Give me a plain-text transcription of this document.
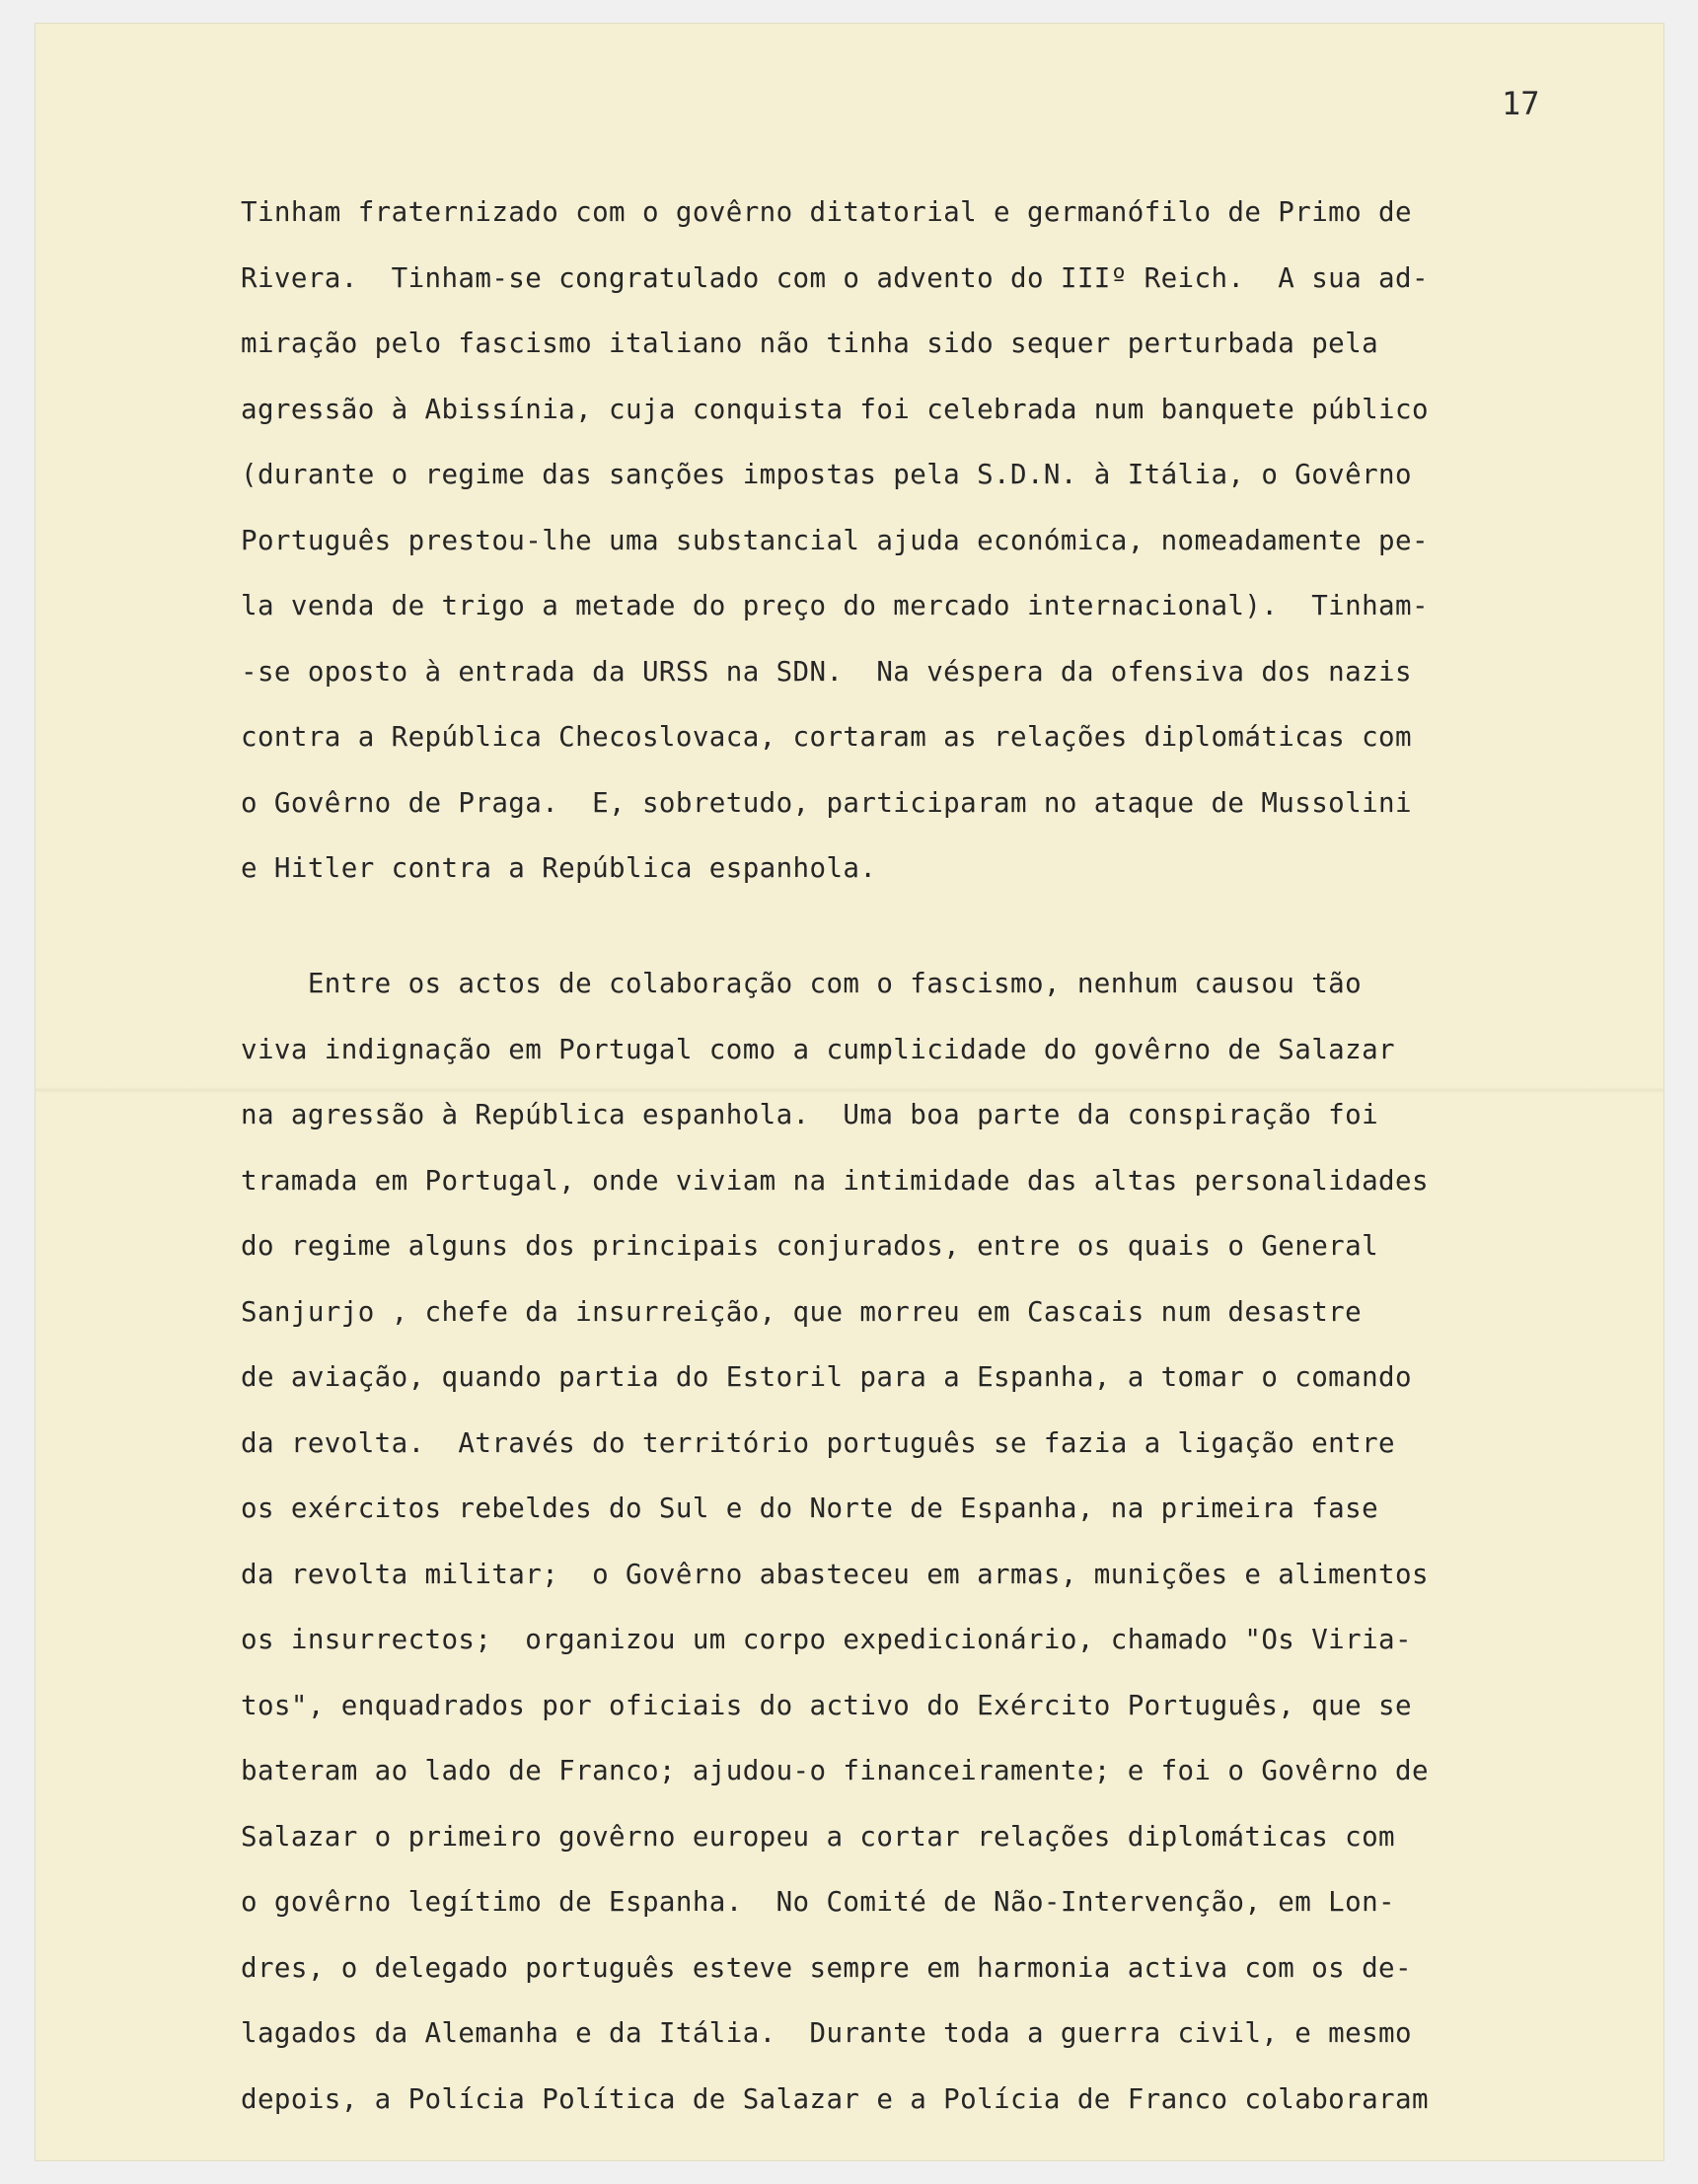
17

Tinham fraternizado com o govêrno ditatorial e germanófilo de Primo de
Rivera.  Tinham-se congratulado com o advento do IIIº Reich.  A sua ad-
miração pelo fascismo italiano não tinha sido sequer perturbada pela
agressão à Abissínia, cuja conquista foi celebrada num banquete público
(durante o regime das sanções impostas pela S.D.N. à Itália, o Govêrno
Português prestou-lhe uma substancial ajuda económica, nomeadamente pe-
la venda de trigo a metade do preço do mercado internacional).  Tinham-
-se oposto à entrada da URSS na SDN.  Na véspera da ofensiva dos nazis
contra a República Checoslovaca, cortaram as relações diplomáticas com
o Govêrno de Praga.  E, sobretudo, participaram no ataque de Mussolini
e Hitler contra a República espanhola.

Entre os actos de colaboração com o fascismo, nenhum causou tão
viva indignação em Portugal como a cumplicidade do govêrno de Salazar
na agressão à República espanhola.  Uma boa parte da conspiração foi
tramada em Portugal, onde viviam na intimidade das altas personalidades
do regime alguns dos principais conjurados, entre os quais o General
Sanjurjo , chefe da insurreição, que morreu em Cascais num desastre
de aviação, quando partia do Estoril para a Espanha, a tomar o comando
da revolta.  Através do território português se fazia a ligação entre
os exércitos rebeldes do Sul e do Norte de Espanha, na primeira fase
da revolta militar;  o Govêrno abasteceu em armas, munições e alimentos
os insurrectos;  organizou um corpo expedicionário, chamado "Os Viria-
tos", enquadrados por oficiais do activo do Exército Português, que se
bateram ao lado de Franco; ajudou-o financeiramente; e foi o Govêrno de
Salazar o primeiro govêrno europeu a cortar relações diplomáticas com
o govêrno legítimo de Espanha.  No Comité de Não-Intervenção, em Lon-
dres, o delegado português esteve sempre em harmonia activa com os de-
lagados da Alemanha e da Itália.  Durante toda a guerra civil, e mesmo
depois, a Polícia Política de Salazar e a Polícia de Franco colaboraram
